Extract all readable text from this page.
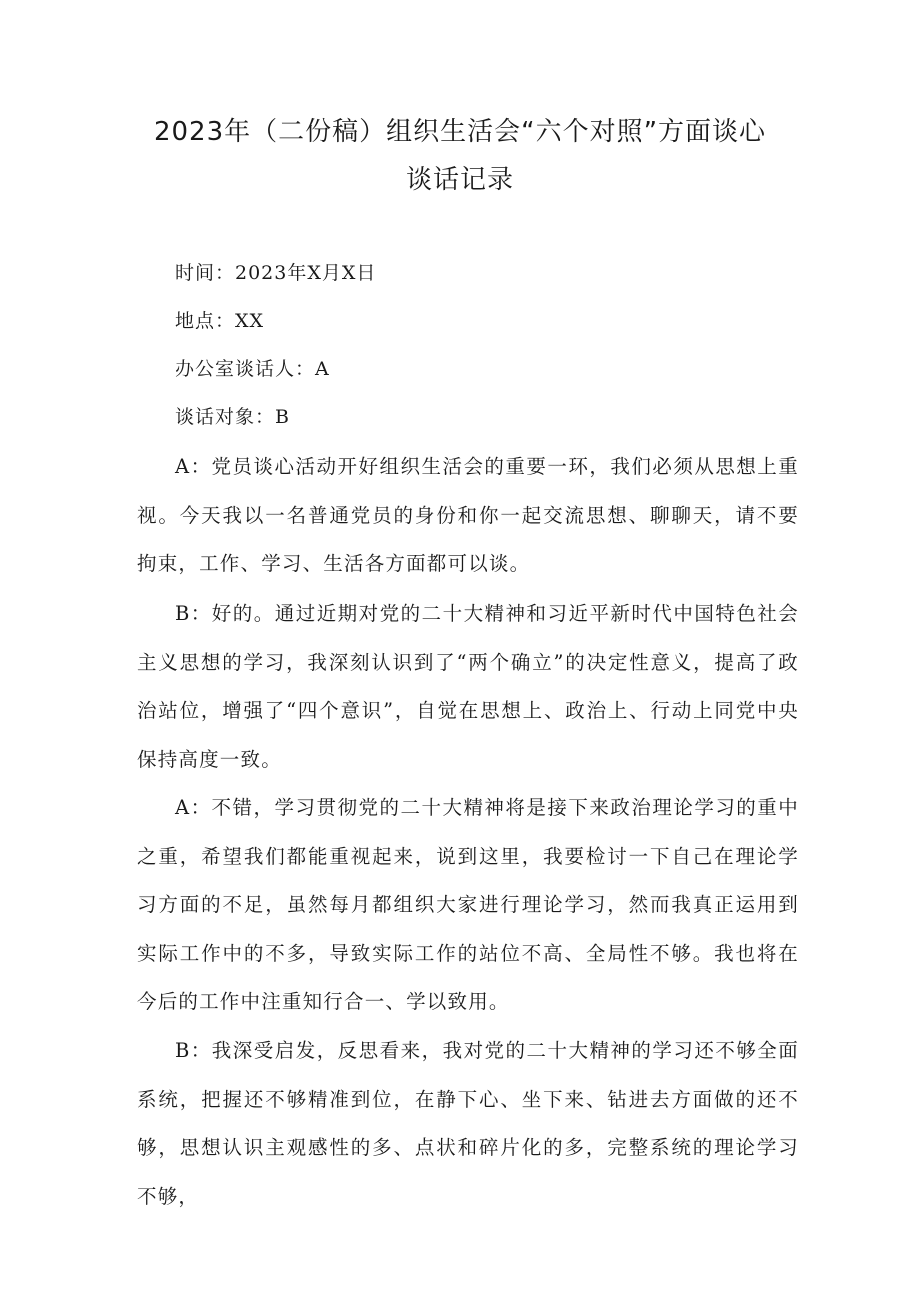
2023年（二份稿）组织生活会“六个对照”方面谈心
谈话记录
时间：2023年X月X日
地点：XX
办公室谈话人：A
谈话对象：B

A：党员谈心活动开好组织生活会的重要一环，我们必须从思想上重视。今天我以一名普通党员的身份和你一起交流思想、聊聊天，请不要拘束，工作、学习、生活各方面都可以谈。

B：好的。通过近期对党的二十大精神和习近平新时代中国特色社会主义思想的学习，我深刻认识到了“两个确立”的决定性意义，提高了政治站位，增强了“四个意识”，自觉在思想上、政治上、行动上同党中央保持高度一致。

A：不错，学习贯彻党的二十大精神将是接下来政治理论学习的重中之重，希望我们都能重视起来，说到这里，我要检讨一下自己在理论学习方面的不足，虽然每月都组织大家进行理论学习，然而我真正运用到实际工作中的不多，导致实际工作的站位不高、全局性不够。我也将在今后的工作中注重知行合一、学以致用。

B：我深受启发，反思看来，我对党的二十大精神的学习还不够全面系统，把握还不够精准到位，在静下心、坐下来、钻进去方面做的还不够，思想认识主观感性的多、点状和碎片化的多，完整系统的理论学习不够，
